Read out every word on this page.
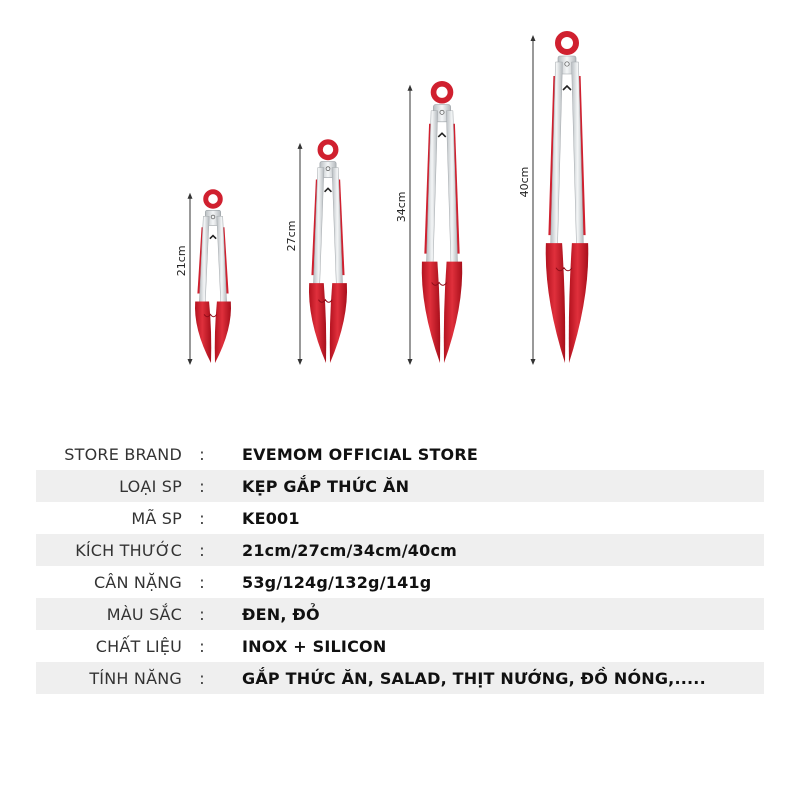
21cm
27cm
34cm
40cm
STORE BRAND	:	EVEMOM OFFICIAL STORE
LOẠI SP	:	KẸP GẮP THỨC ĂN
MÃ SP	:	KE001
KÍCH THƯỚC	:	21cm/27cm/34cm/40cm
CÂN NẶNG	:	53g/124g/132g/141g
MÀU SẮC	:	ĐEN, ĐỎ
CHẤT LIỆU	:	INOX + SILICON
TÍNH NĂNG	:	GẮP THỨC ĂN, SALAD, THỊT NƯỚNG, ĐỒ NÓNG,.....
